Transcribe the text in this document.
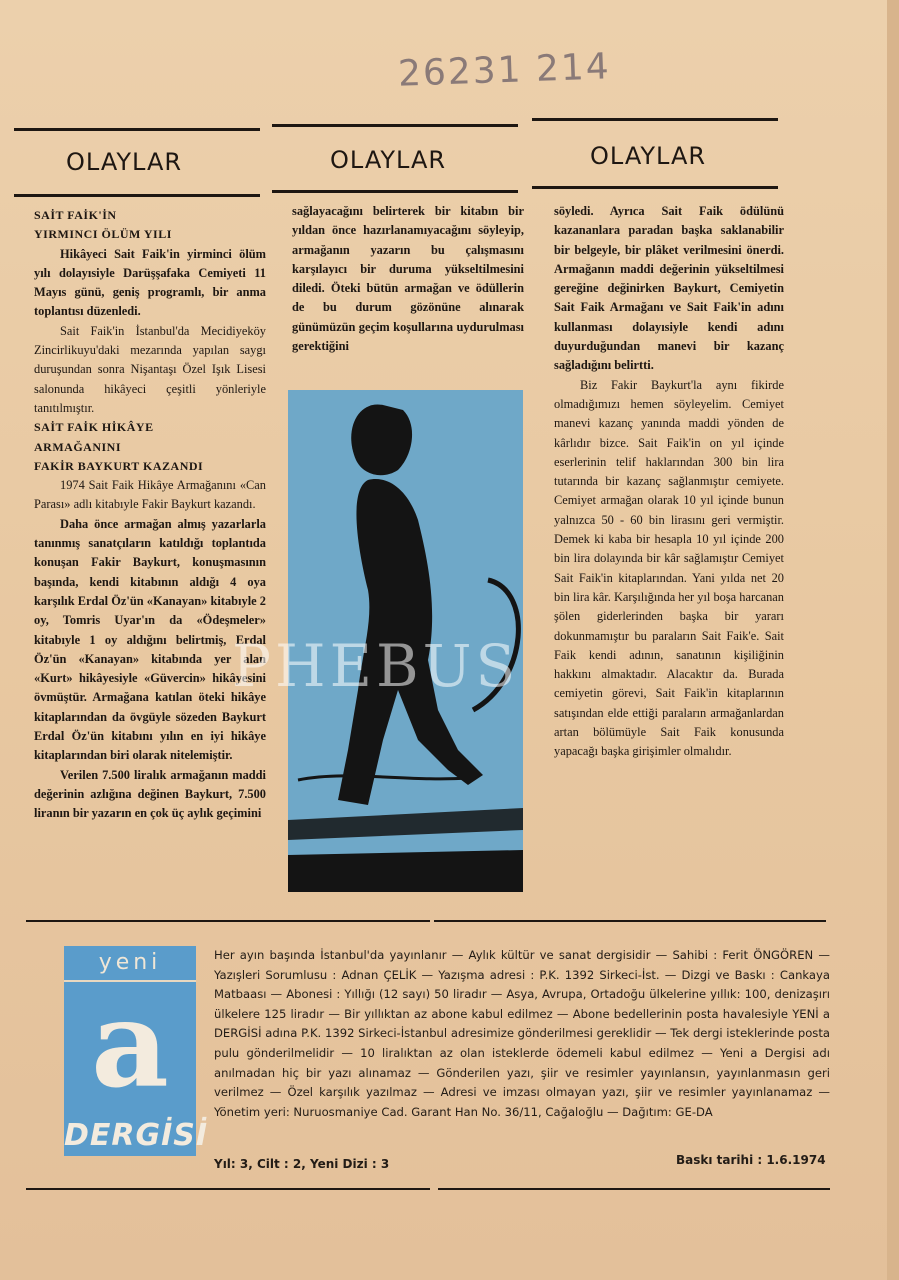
26231 214
OLAYLAR	OLAYLAR	OLAYLAR

SAİT FAİK'İN

YIRMINCI ÖLÜM YILI

Hikâyeci Sait Faik'in yirminci ölüm yılı dolayısiyle Darüşşafaka Cemiyeti 11 Mayıs günü, geniş programlı, bir anma toplantısı düzenledi.

Sait Faik'in İstanbul'da Mecidiyeköy Zincirlikuyu'daki mezarında yapılan saygı duruşundan sonra Nişantaşı Özel Işık Lisesi salonunda hikâyeci çeşitli yönleriyle tanıtılmıştır.

SAİT FAİK HİKÂYE

ARMAĞANINI

FAKİR BAYKURT KAZANDI

1974 Sait Faik Hikâye Armağanını «Can Parası» adlı kitabıyle Fakir Baykurt kazandı.

Daha önce armağan almış yazarlarla tanınmış sanatçıların katıldığı toplantıda konuşan Fakir Baykurt, konuşmasının başında, kendi kitabının aldığı 4 oya karşılık Erdal Öz'ün «Kanayan» kitabıyle 2 oy, Tomris Uyar'ın da «Ödeşmeler» kitabıyle 1 oy aldığını belirtmiş, Erdal Öz'ün «Kanayan» kitabında yer alan «Kurt» hikâyesiyle «Güvercin» hikâyesini övmüştür. Armağana katılan öteki hikâye kitaplarından da övgüyle sözeden Baykurt Erdal Öz'ün kitabını yılın en iyi hikâye kitaplarından biri olarak nitelemiştir.

Verilen 7.500 liralık armağanın maddi değerinin azlığına değinen Baykurt, 7.500 liranın bir yazarın en çok üç aylık geçimini

sağlayacağını belirterek bir kitabın bir yıldan önce hazırlanamıyacağını söyleyip, armağanın yazarın bu çalışmasını karşılayıcı bir duruma yükseltilmesini diledi. Öteki bütün armağan ve ödüllerin de bu durum gözönüne alınarak günümüzün geçim koşullarına uydurulması gerektiğini

söyledi. Ayrıca Sait Faik ödülünü kazananlara paradan başka saklanabilir bir belgeyle, bir plâket verilmesini önerdi. Armağanın maddi değerinin yükseltilmesi gereğine değinirken Baykurt, Cemiyetin Sait Faik Armağanı ve Sait Faik'in adını kullanması dolayısiyle kendi adını duyurduğundan manevi bir kazanç sağladığını belirtti.

Biz Fakir Baykurt'la aynı fikirde olmadığımızı hemen söyleyelim. Cemiyet manevi kazanç yanında maddi yönden de kârlıdır bizce. Sait Faik'in on yıl içinde eserlerinin telif haklarından 300 bin lira tutarında bir kazanç sağlanmıştır cemiyete. Cemiyet armağan olarak 10 yıl içinde bunun yalnızca 50 - 60 bin lirasını geri vermiştir. Demek ki kaba bir hesapla 10 yıl içinde 200 bin lira dolayında bir kâr sağlamıştır Cemiyet Sait Faik'in kitaplarından. Yani yılda net 20 bin lira kâr. Karşılığında her yıl boşa harcanan şölen giderlerinden başka bir yararı dokunmamıştır bu paraların Sait Faik'e. Sait Faik kendi adının, sanatının kişiliğinin hakkını almaktadır. Alacaktır da. Burada cemiyetin görevi, Sait Faik'in kitaplarının satışından elde ettiği paraların armağanlardan artan bölümüyle Sait Faik konusunda yapacağı başka girişimler olmalıdır.

PHEBUS
yeni
a
DERGİSİ
Her ayın başında İstanbul'da yayınlanır — Aylık kültür ve sanat dergisidir — Sahibi : Ferit ÖNGÖREN — Yazışleri Sorumlusu : Adnan ÇELİK — Yazışma adresi : P.K. 1392 Sirkeci-İst. — Dizgi ve Baskı : Cankaya Matbaası — Abonesi : Yıllığı (12 sayı) 50 liradır — Asya, Avrupa, Ortadoğu ülkelerine yıllık: 100, denizaşırı ülkelere 125 liradır — Bir yıllıktan az abone kabul edilmez — Abone bedellerinin posta havalesiyle YENİ a DERGİSİ adına P.K. 1392 Sirkeci-İstanbul adresimize gönderilmesi gereklidir — Tek dergi isteklerinde posta pulu gönderilmelidir — 10 liralıktan az olan isteklerde ödemeli kabul edilmez — Yeni a Dergisi adı anılmadan hiç bir yazı alınamaz — Gönderilen yazı, şiir ve resimler yayınlansın, yayınlanmasın geri verilmez — Özel karşılık yazılmaz — Adresi ve imzası olmayan yazı, şiir ve resimler yayınlanamaz — Yönetim yeri: Nuruosmaniye Cad. Garant Han No. 36/11, Cağaloğlu — Dağıtım: GE-DA
Yıl: 3, Cilt : 2, Yeni Dizi : 3	Baskı tarihi : 1.6.1974
